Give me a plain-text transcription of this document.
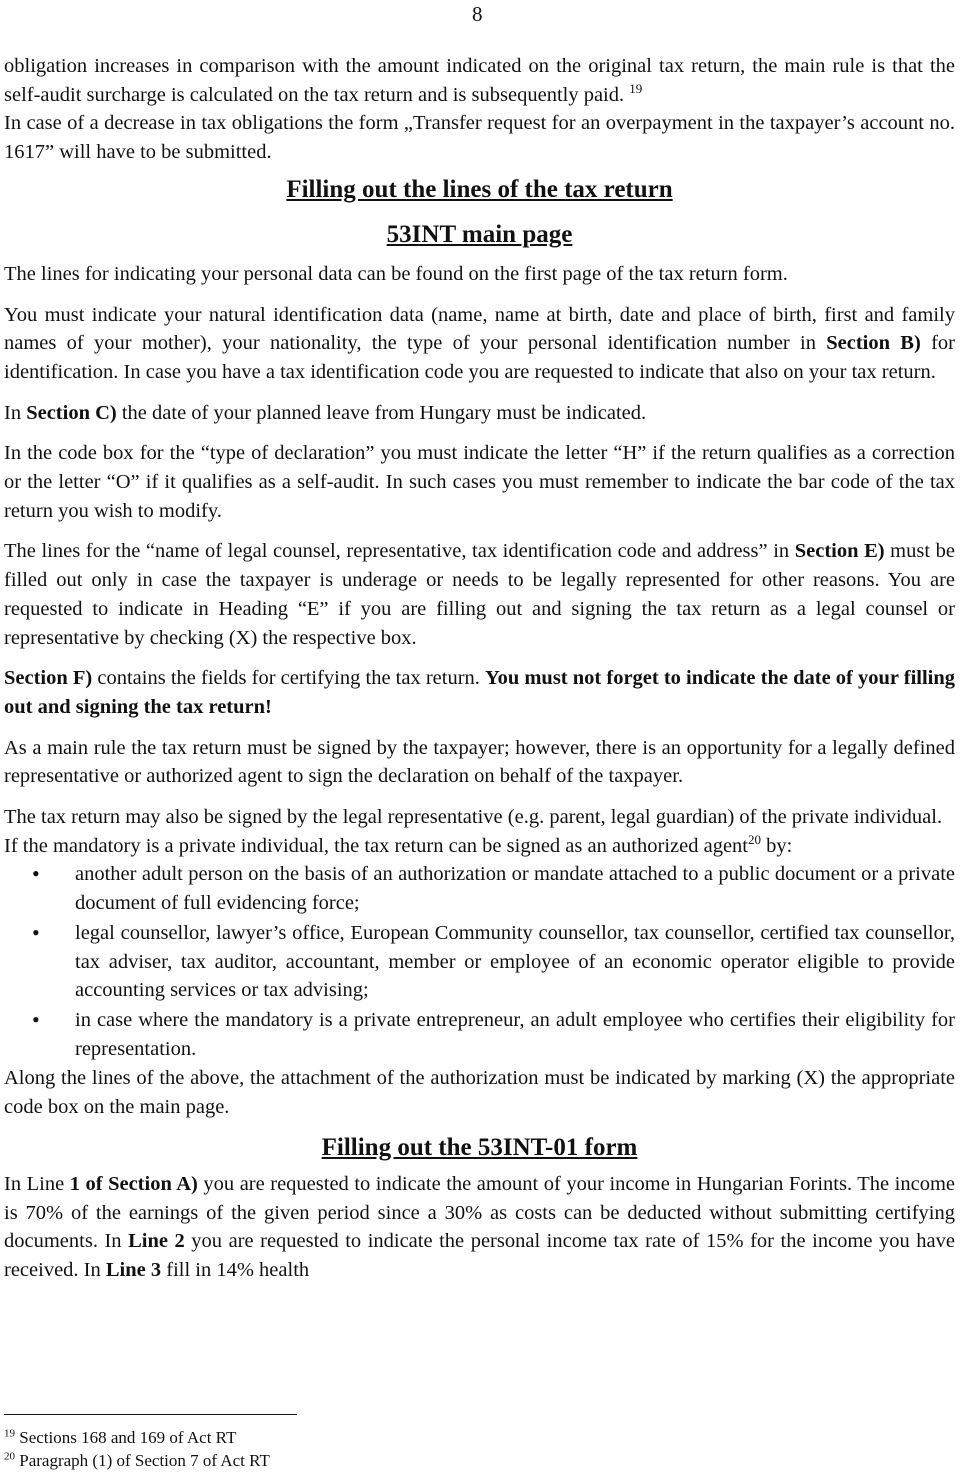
8

obligation increases in comparison with the amount indicated on the original tax return, the main rule is that the self-audit surcharge is calculated on the tax return and is subsequently paid. $^{19}$

In case of a decrease in tax obligations the form „Transfer request for an overpayment in the taxpayer’s account no. 1617” will have to be submitted.

Filling out the lines of the tax return
53INT main page

The lines for indicating your personal data can be found on the first page of the tax return form.

You must indicate your natural identification data (name, name at birth, date and place of birth, first and family names of your mother), your nationality, the type of your personal identification number in Section B) for identification. In case you have a tax identification code you are requested to indicate that also on your tax return.

In Section C) the date of your planned leave from Hungary must be indicated.

In the code box for the “type of declaration” you must indicate the letter “H” if the return qualifies as a correction or the letter “O” if it qualifies as a self-audit. In such cases you must remember to indicate the bar code of the tax return you wish to modify.

The lines for the “name of legal counsel, representative, tax identification code and address” in Section E) must be filled out only in case the taxpayer is underage or needs to be legally represented for other reasons. You are requested to indicate in Heading “E” if you are filling out and signing the tax return as a legal counsel or representative by checking (X) the respective box.

Section F) contains the fields for certifying the tax return. You must not forget to indicate the date of your filling out and signing the tax return!

As a main rule the tax return must be signed by the taxpayer; however, there is an opportunity for a legally defined representative or authorized agent to sign the declaration on behalf of the taxpayer.

The tax return may also be signed by the legal representative (e.g. parent, legal guardian) of the private individual.

If the mandatory is a private individual, the tax return can be signed as an authorized agent$^{20}$ by:

• another adult person on the basis of an authorization or mandate attached to a public document or a private document of full evidencing force;
• legal counsellor, lawyer’s office, European Community counsellor, tax counsellor, certified tax counsellor, tax adviser, tax auditor, accountant, member or employee of an economic operator eligible to provide accounting services or tax advising;
• in case where the mandatory is a private entrepreneur, an adult employee who certifies their eligibility for representation.

Along the lines of the above, the attachment of the authorization must be indicated by marking (X) the appropriate code box on the main page.

Filling out the 53INT-01 form

In Line 1 of Section A) you are requested to indicate the amount of your income in Hungarian Forints. The income is 70% of the earnings of the given period since a 30% as costs can be deducted without submitting certifying documents. In Line 2 you are requested to indicate the personal income tax rate of 15% for the income you have received. In Line 3 fill in 14% health

$^{19}$ Sections 168 and 169 of Act RT
$^{20}$ Paragraph (1) of Section 7 of Act RT
